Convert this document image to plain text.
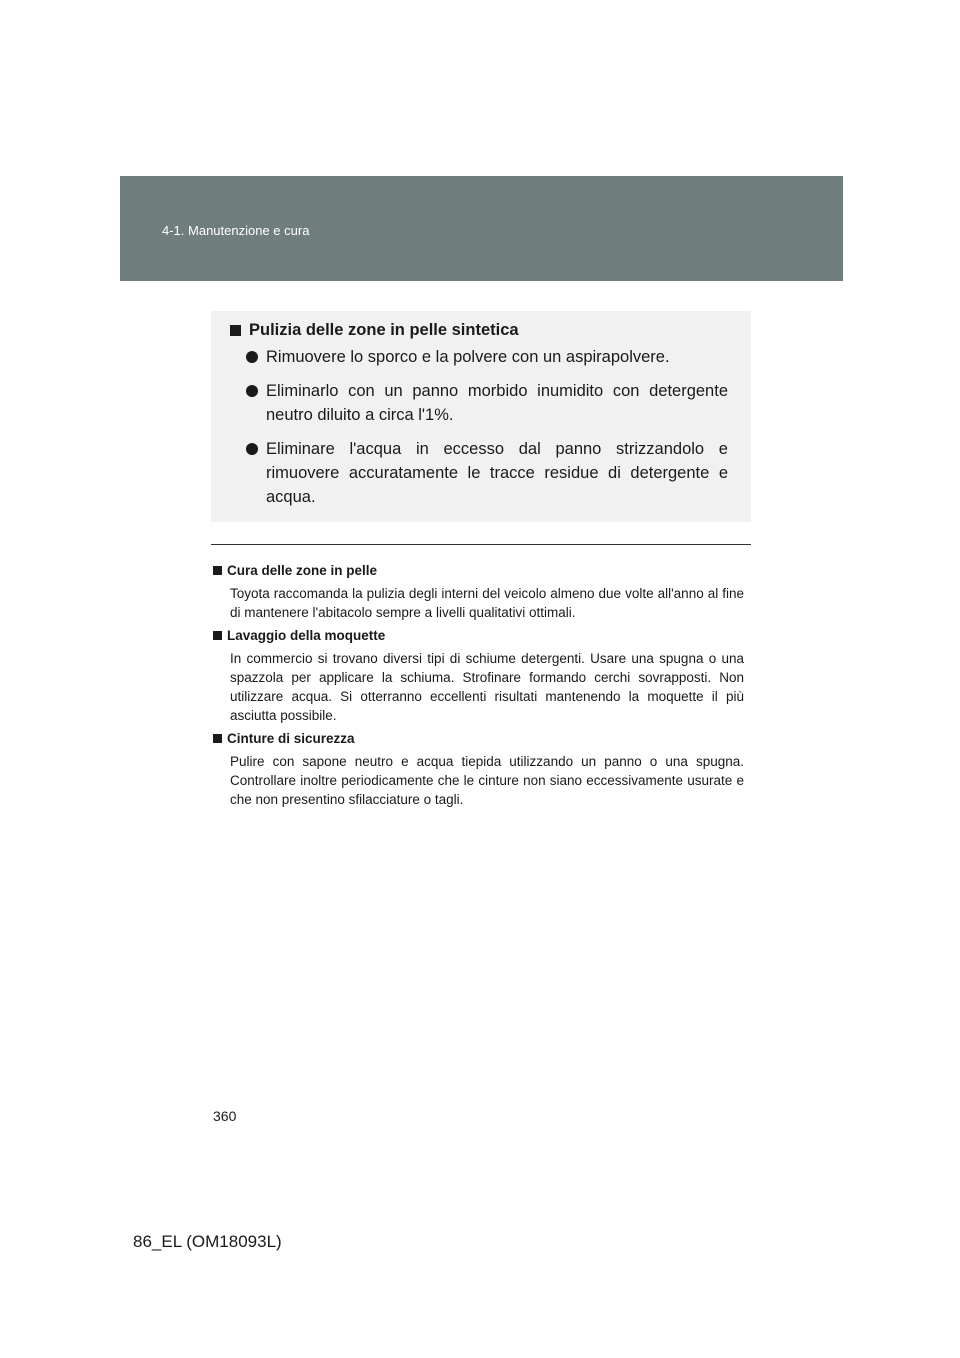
4-1. Manutenzione e cura
Pulizia delle zone in pelle sintetica
Rimuovere lo sporco e la polvere con un aspirapolvere.
Eliminarlo con un panno morbido inumidito con detergente neutro diluito a circa l'1%.
Eliminare l'acqua in eccesso dal panno strizzandolo e rimuovere accuratamente le tracce residue di detergente e acqua.
Cura delle zone in pelle
Toyota raccomanda la pulizia degli interni del veicolo almeno due volte all'anno al fine di mantenere l'abitacolo sempre a livelli qualitativi ottimali.
Lavaggio della moquette
In commercio si trovano diversi tipi di schiume detergenti. Usare una spugna o una spazzola per applicare la schiuma. Strofinare formando cerchi sovrapposti. Non utilizzare acqua. Si otterranno eccellenti risultati mantenendo la moquette il più asciutta possibile.
Cinture di sicurezza
Pulire con sapone neutro e acqua tiepida utilizzando un panno o una spugna. Controllare inoltre periodicamente che le cinture non siano eccessivamente usurate e che non presentino sfilacciature o tagli.
360
86_EL (OM18093L)
